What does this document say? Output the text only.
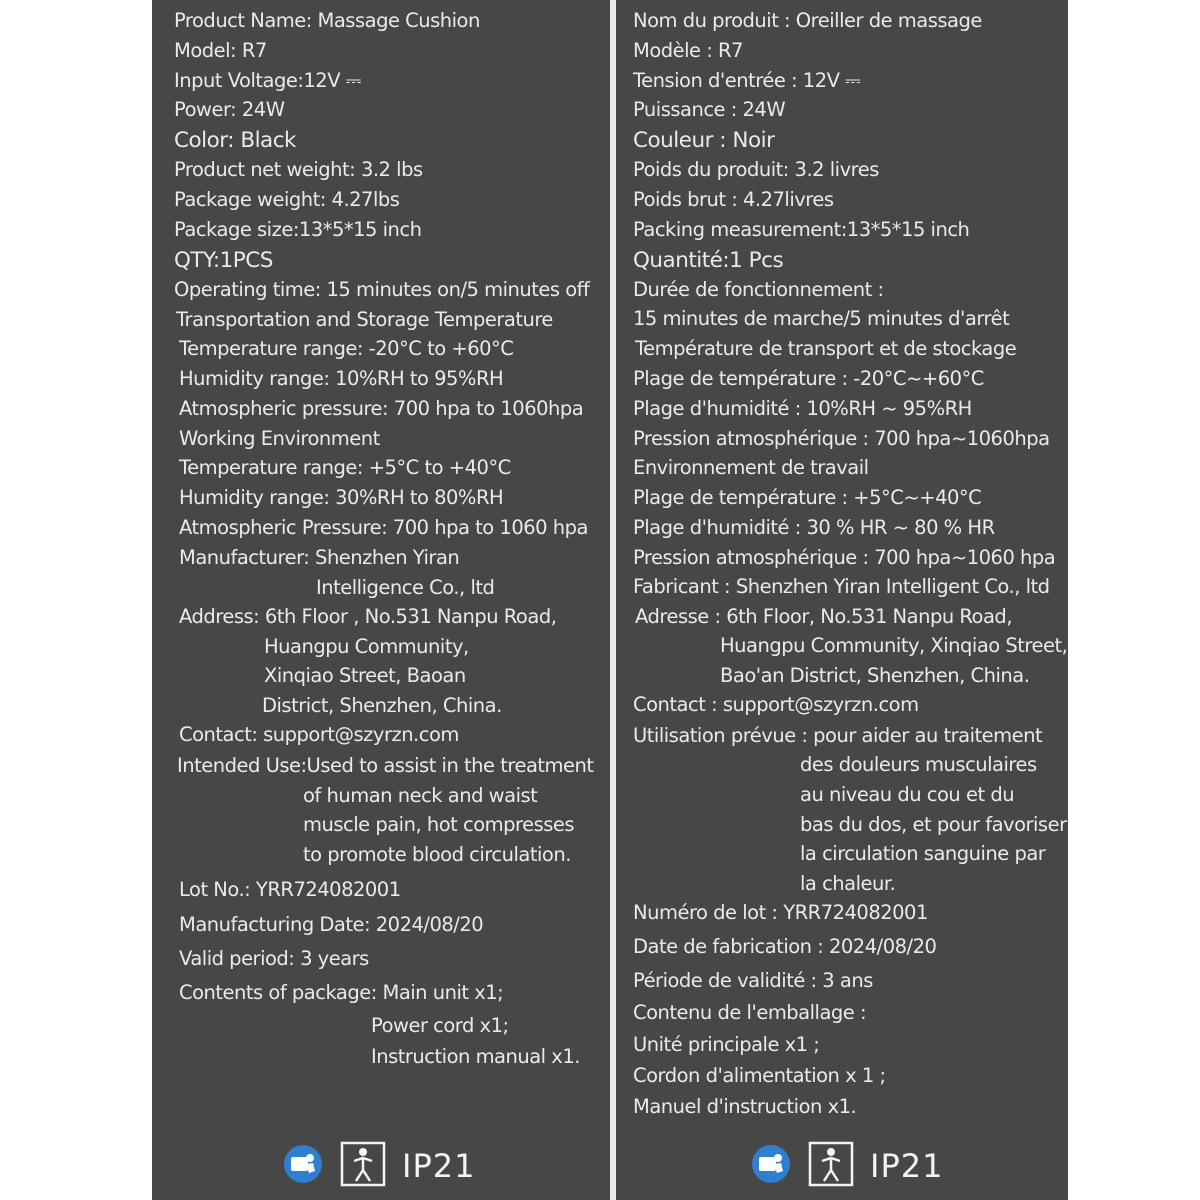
Product Name: Massage Cushion
Model: R7
Input Voltage:12V ⎓
Power: 24W
Color: Black
Product net weight: 3.2 lbs
Package weight: 4.27lbs
Package size:13*5*15 inch
QTY:1PCS
Operating time: 15 minutes on/5 minutes off
Transportation and Storage Temperature
Temperature range: -20°C to +60°C
Humidity range: 10%RH to 95%RH
Atmospheric pressure: 700 hpa to 1060hpa
Working Environment
Temperature range: +5°C to +40°C
Humidity range: 30%RH to 80%RH
Atmospheric Pressure: 700 hpa to 1060 hpa
Manufacturer: Shenzhen Yiran
Intelligence Co., ltd
Address: 6th Floor , No.531 Nanpu Road,
Huangpu Community,
Xinqiao Street, Baoan
District, Shenzhen, China.
Contact: support@szyrzn.com
Intended Use:Used to assist in the treatment
of human neck and waist
muscle pain, hot compresses
to promote blood circulation.
Lot No.: YRR724082001
Manufacturing Date: 2024/08/20
Valid period: 3 years
Contents of package: Main unit x1;
Power cord x1;
Instruction manual x1.
Nom du produit : Oreiller de massage
Modèle : R7
Tension d'entrée : 12V ⎓
Puissance : 24W
Couleur : Noir
Poids du produit: 3.2 livres
Poids brut : 4.27livres
Packing measurement:13*5*15 inch
Quantité:1 Pcs
Durée de fonctionnement :
15 minutes de marche/5 minutes d'arrêt
Température de transport et de stockage
Plage de température : -20°C~+60°C
Plage d'humidité : 10%RH ~ 95%RH
Pression atmosphérique : 700 hpa~1060hpa
Environnement de travail
Plage de température : +5°C~+40°C
Plage d'humidité : 30 % HR ~ 80 % HR
Pression atmosphérique : 700 hpa~1060 hpa
Fabricant : Shenzhen Yiran Intelligent Co., ltd
Adresse : 6th Floor, No.531 Nanpu Road,
Huangpu Community, Xinqiao Street,
Bao'an District, Shenzhen, China.
Contact : support@szyrzn.com
Utilisation prévue : pour aider au traitement
des douleurs musculaires
au niveau du cou et du
bas du dos, et pour favoriser
la circulation sanguine par
la chaleur.
Numéro de lot : YRR724082001
Date de fabrication : 2024/08/20
Période de validité : 3 ans
Contenu de l'emballage :
Unité principale x1 ;
Cordon d'alimentation x 1 ;
Manuel d'instruction x1.
IP21	IP21
